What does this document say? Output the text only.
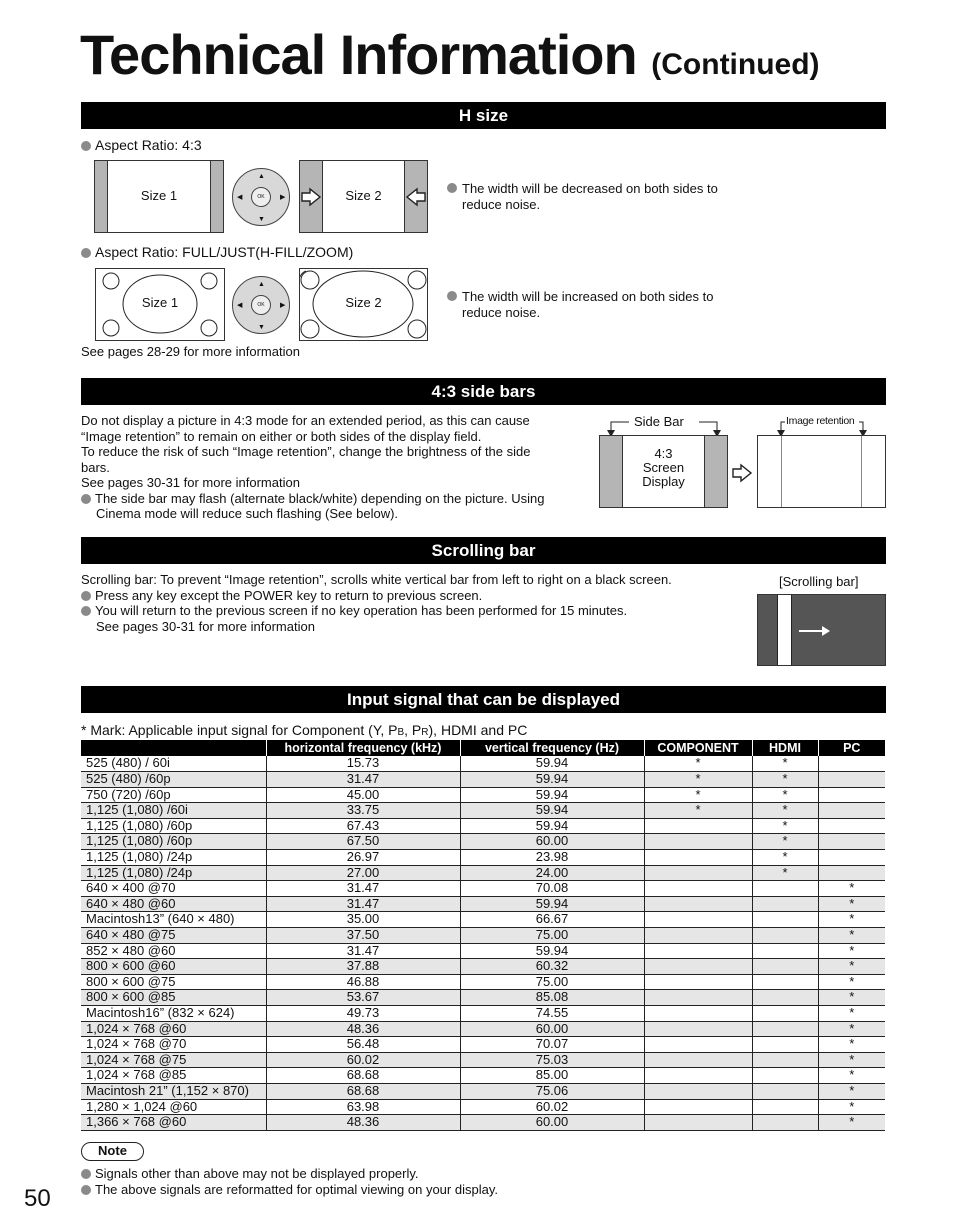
Technical Information (Continued)
H size
Aspect Ratio: 4:3
Size 1
▲
▼
◀	▶
OK	Size 2	The width will be decreased on both sides to reduce noise.
Aspect Ratio: FULL/JUST(H-FILL/ZOOM)
Size 1
▲
▼
◀	▶
OK	Size 2	The width will be increased on both sides to reduce noise.
See pages 28-29 for more information
4:3 side bars
Do not display a picture in 4:3 mode for an extended period, as this can cause
“Image retention” to remain on either or both sides of the display field.
To reduce the risk of such “Image retention”, change the brightness of the side
bars.
See pages 30-31 for more information
The side bar may flash (alternate black/white) depending on the picture. Using
Cinema mode will reduce such flashing (See below).
Side Bar
4:3
Screen
Display
Image retention
Scrolling bar
Scrolling bar: To prevent “Image retention”, scrolls white vertical bar from left to right on a black screen.
Press any key except the POWER key to return to previous screen.
You will return to the previous screen if no key operation has been performed for 15 minutes.
See pages 30-31 for more information
[Scrolling bar]
Input signal that can be displayed
* Mark: Applicable input signal for Component (Y, PB, PR), HDMI and PC
	horizontal frequency (kHz)	vertical frequency (Hz)	COMPONENT	HDMI	PC
525 (480) / 60i	15.73	59.94	*	*	
525 (480) /60p	31.47	59.94	*	*	
750 (720) /60p	45.00	59.94	*	*	
1,125 (1,080) /60i	33.75	59.94	*	*	
1,125 (1,080) /60p	67.43	59.94		*	
1,125 (1,080) /60p	67.50	60.00		*	
1,125 (1,080) /24p	26.97	23.98		*	
1,125 (1,080) /24p	27.00	24.00		*	
640 × 400 @70	31.47	70.08			*
640 × 480 @60	31.47	59.94			*
Macintosh13” (640 × 480)	35.00	66.67			*
640 × 480 @75	37.50	75.00			*
852 × 480 @60	31.47	59.94			*
800 × 600 @60	37.88	60.32			*
800 × 600 @75	46.88	75.00			*
800 × 600 @85	53.67	85.08			*
Macintosh16” (832 × 624)	49.73	74.55			*
1,024 × 768 @60	48.36	60.00			*
1,024 × 768 @70	56.48	70.07			*
1,024 × 768 @75	60.02	75.03			*
1,024 × 768 @85	68.68	85.00			*
Macintosh 21” (1,152 × 870)	68.68	75.06			*
1,280 × 1,024 @60	63.98	60.02			*
1,366 × 768 @60	48.36	60.00			*
Note
Signals other than above may not be displayed properly.
The above signals are reformatted for optimal viewing on your display.
50
